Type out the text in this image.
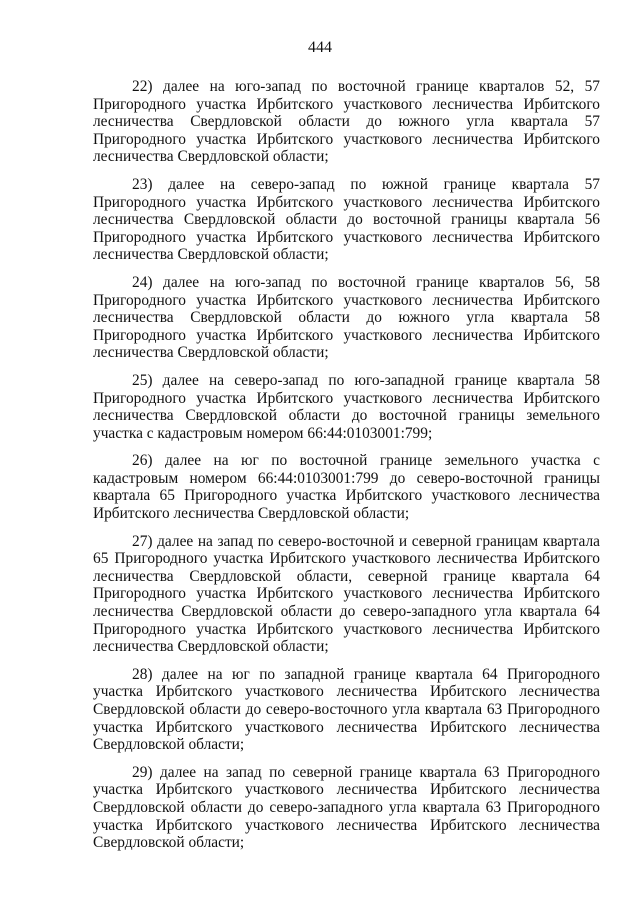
444

22) далее на юго-запад по восточной границе кварталов 52, 57 Пригородного участка Ирбитского участкового лесничества Ирбитского лесничества Свердловской области до южного угла квартала 57 Пригородного участка Ирбитского участкового лесничества Ирбитского лесничества Свердловской области;

23) далее на северо-запад по южной границе квартала 57 Пригородного участка Ирбитского участкового лесничества Ирбитского лесничества Свердловской области до восточной границы квартала 56 Пригородного участка Ирбитского участкового лесничества Ирбитского лесничества Свердловской области;

24) далее на юго-запад по восточной границе кварталов 56, 58 Пригородного участка Ирбитского участкового лесничества Ирбитского лесничества Свердловской области до южного угла квартала 58 Пригородного участка Ирбитского участкового лесничества Ирбитского лесничества Свердловской области;

25) далее на северо-запад по юго-западной границе квартала 58 Пригородного участка Ирбитского участкового лесничества Ирбитского лесничества Свердловской области до восточной границы земельного участка с кадастровым номером 66:44:0103001:799;

26) далее на юг по восточной границе земельного участка с кадастровым номером 66:44:0103001:799 до северо-восточной границы квартала 65 Пригородного участка Ирбитского участкового лесничества Ирбитского лесничества Свердловской области;

27) далее на запад по северо-восточной и северной границам квартала 65 Пригородного участка Ирбитского участкового лесничества Ирбитского лесничества Свердловской области, северной границе квартала 64 Пригородного участка Ирбитского участкового лесничества Ирбитского лесничества Свердловской области до северо-западного угла квартала 64 Пригородного участка Ирбитского участкового лесничества Ирбитского лесничества Свердловской области;

28) далее на юг по западной границе квартала 64 Пригородного участка Ирбитского участкового лесничества Ирбитского лесничества Свердловской области до северо-восточного угла квартала 63 Пригородного участка Ирбитского участкового лесничества Ирбитского лесничества Свердловской области;

29) далее на запад по северной границе квартала 63 Пригородного участка Ирбитского участкового лесничества Ирбитского лесничества Свердловской области до северо-западного угла квартала 63 Пригородного участка Ирбитского участкового лесничества Ирбитского лесничества Свердловской области;
